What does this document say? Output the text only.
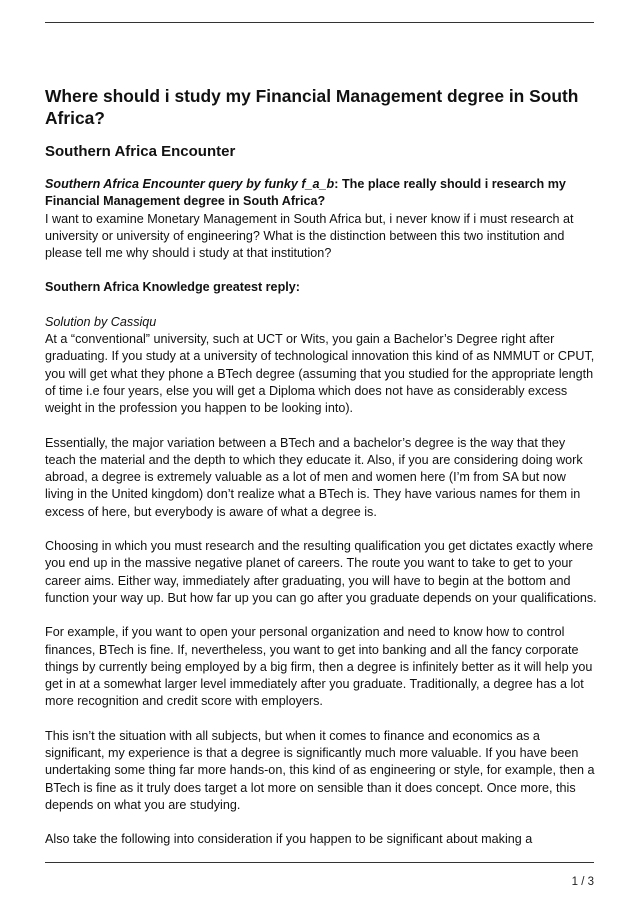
Where should i study my Financial Management degree in South Africa?
Southern Africa Encounter

Southern Africa Encounter query by funky f_a_b: The place really should i research my Financial Management degree in South Africa?
I want to examine Monetary Management in South Africa but, i never know if i must research at university or university of engineering? What is the distinction between this two institution and please tell me why should i study at that institution?

Southern Africa Knowledge greatest reply:

Solution by Cassiqu
At a “conventional” university, such at UCT or Wits, you gain a Bachelor’s Degree right after graduating. If you study at a university of technological innovation this kind of as NMMUT or CPUT, you will get what they phone a BTech degree (assuming that you studied for the appropriate length of time i.e four years, else you will get a Diploma which does not have as considerably excess weight in the profession you happen to be looking into).

Essentially, the major variation between a BTech and a bachelor’s degree is the way that they teach the material and the depth to which they educate it. Also, if you are considering doing work abroad, a degree is extremely valuable as a lot of men and women here (I’m from SA but now living in the United kingdom) don’t realize what a BTech is. They have various names for them in excess of here, but everybody is aware of what a degree is.

Choosing in which you must research and the resulting qualification you get dictates exactly where you end up in the massive negative planet of careers. The route you want to take to get to your career aims. Either way, immediately after graduating, you will have to begin at the bottom and function your way up. But how far up you can go after you graduate depends on your qualifications.

For example, if you want to open your personal organization and need to know how to control finances, BTech is fine. If, nevertheless, you want to get into banking and all the fancy corporate things by currently being employed by a big firm, then a degree is infinitely better as it will help you get in at a somewhat larger level immediately after you graduate. Traditionally, a degree has a lot more recognition and credit score with employers.

This isn’t the situation with all subjects, but when it comes to finance and economics as a significant, my experience is that a degree is significantly much more valuable. If you have been undertaking some thing far more hands-on, this kind of as engineering or style, for example, then a BTech is fine as it truly does target a lot more on sensible than it does concept. Once more, this depends on what you are studying.

Also take the following into consideration if you happen to be significant about making a

1 / 3
